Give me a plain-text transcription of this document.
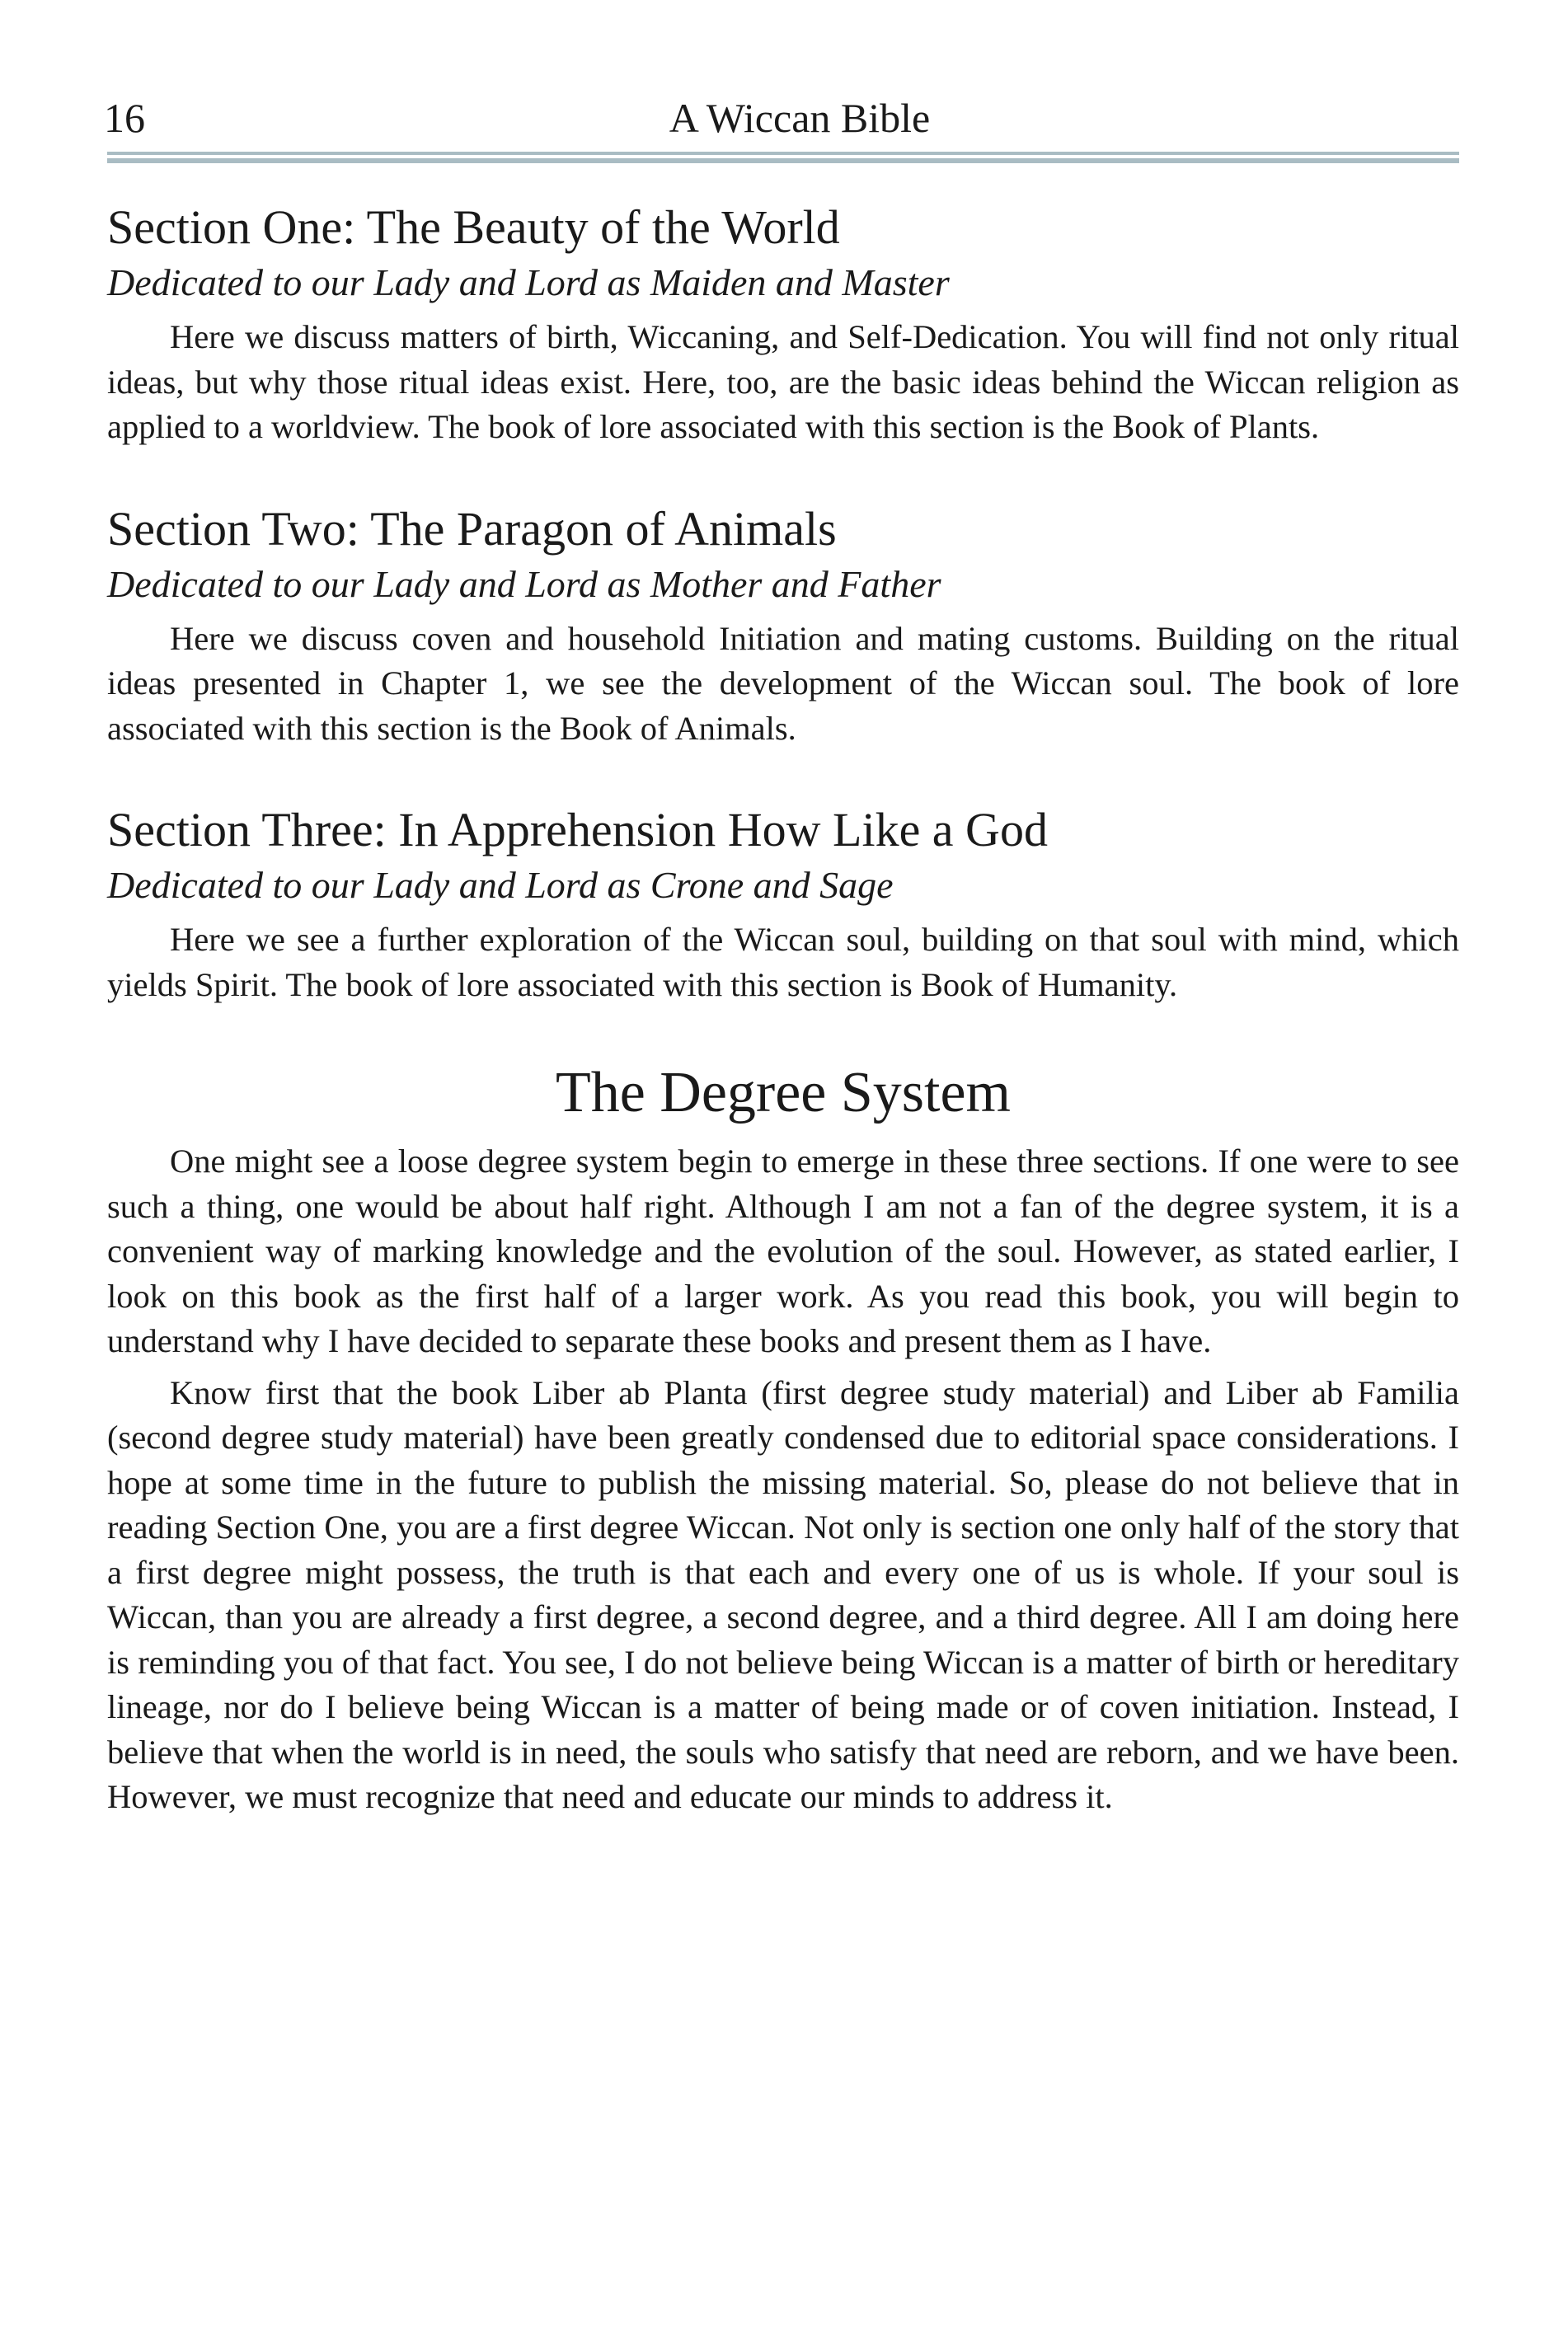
16	A Wiccan Bible
Section One: The Beauty of the World
Dedicated to our Lady and Lord as Maiden and Master

Here we discuss matters of birth, Wiccaning, and Self-Dedication. You will find not only ritual ideas, but why those ritual ideas exist. Here, too, are the basic ideas behind the Wiccan religion as applied to a worldview. The book of lore associated with this section is the Book of Plants.

Section Two: The Paragon of Animals
Dedicated to our Lady and Lord as Mother and Father

Here we discuss coven and household Initiation and mating customs. Building on the ritual ideas presented in Chapter 1, we see the development of the Wiccan soul. The book of lore associated with this section is the Book of Animals.

Section Three: In Apprehension How Like a God
Dedicated to our Lady and Lord as Crone and Sage

Here we see a further exploration of the Wiccan soul, building on that soul with mind, which yields Spirit. The book of lore associated with this section is Book of Humanity.

The Degree System

One might see a loose degree system begin to emerge in these three sections. If one were to see such a thing, one would be about half right. Although I am not a fan of the degree system, it is a convenient way of marking knowledge and the evolution of the soul. However, as stated earlier, I look on this book as the first half of a larger work. As you read this book, you will begin to understand why I have decided to separate these books and present them as I have.

Know first that the book Liber ab Planta (first degree study material) and Liber ab Familia (second degree study material) have been greatly condensed due to editorial space considerations. I hope at some time in the future to publish the missing material. So, please do not believe that in reading Section One, you are a first degree Wiccan. Not only is section one only half of the story that a first degree might possess, the truth is that each and every one of us is whole. If your soul is Wiccan, than you are already a first degree, a second degree, and a third degree. All I am doing here is reminding you of that fact. You see, I do not believe being Wiccan is a matter of birth or hereditary lineage, nor do I believe being Wiccan is a matter of being made or of coven initiation. Instead, I believe that when the world is in need, the souls who satisfy that need are reborn, and we have been. However, we must recognize that need and educate our minds to address it.
